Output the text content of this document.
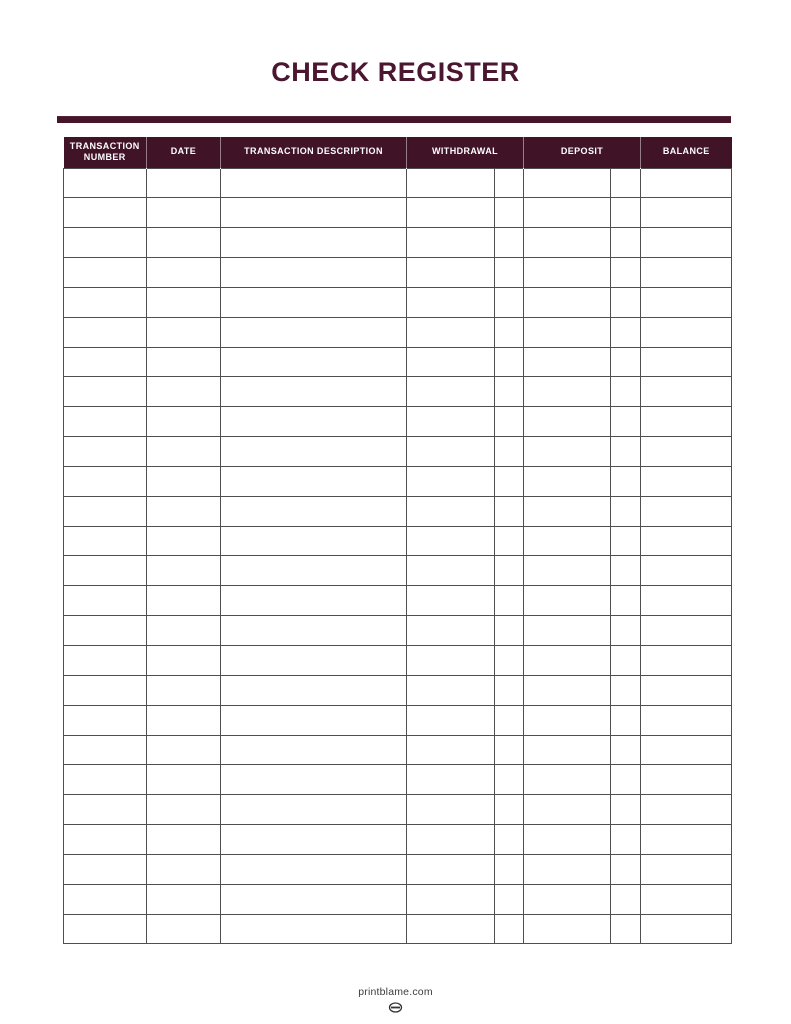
CHECK REGISTER
TRANSACTION NUMBER	DATE	TRANSACTION DESCRIPTION	WITHDRAWAL		DEPOSIT		BALANCE

printblame.com
